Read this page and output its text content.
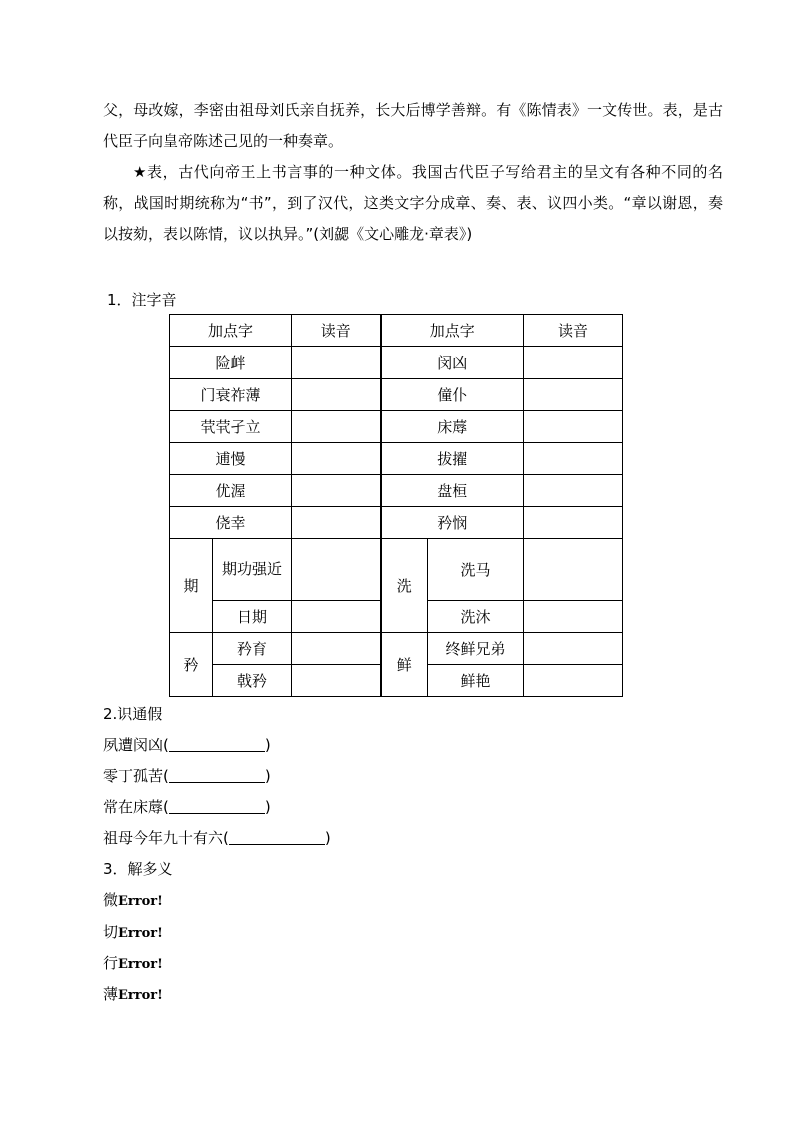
父，母改嫁，李密由祖母刘氏亲自抚养，长大后博学善辩。有《陈情表》一文传世。表，是古代臣子向皇帝陈述己见的一种奏章。

★表，古代向帝王上书言事的一种文体。我国古代臣子写给君主的呈文有各种不同的名称，战国时期统称为“书”，到了汉代，这类文字分成章、奏、表、议四小类。“章以谢恩，奏以按劾，表以陈情，议以执异。”(刘勰《文心雕龙·章表》)

1．注字音
加点字		读音	加点字		读音
险衅			闵凶		
门衰祚薄			僮仆		
茕茕孑立			床蓐		
逋慢			拔擢		
优渥			盘桓		
侥幸			矜悯		
期	期功强近		洗	洗马	
	日期			洗沐	
矜	矜育		鲜	终鲜兄弟	
	戟矜			鲜艳	
2.识通假
夙遭闵凶(	)
零丁孤苦(	)
常在床蓐(	)
祖母今年九十有六(	)
3．解多义
微Error!
切Error!
行Error!
薄Error!
